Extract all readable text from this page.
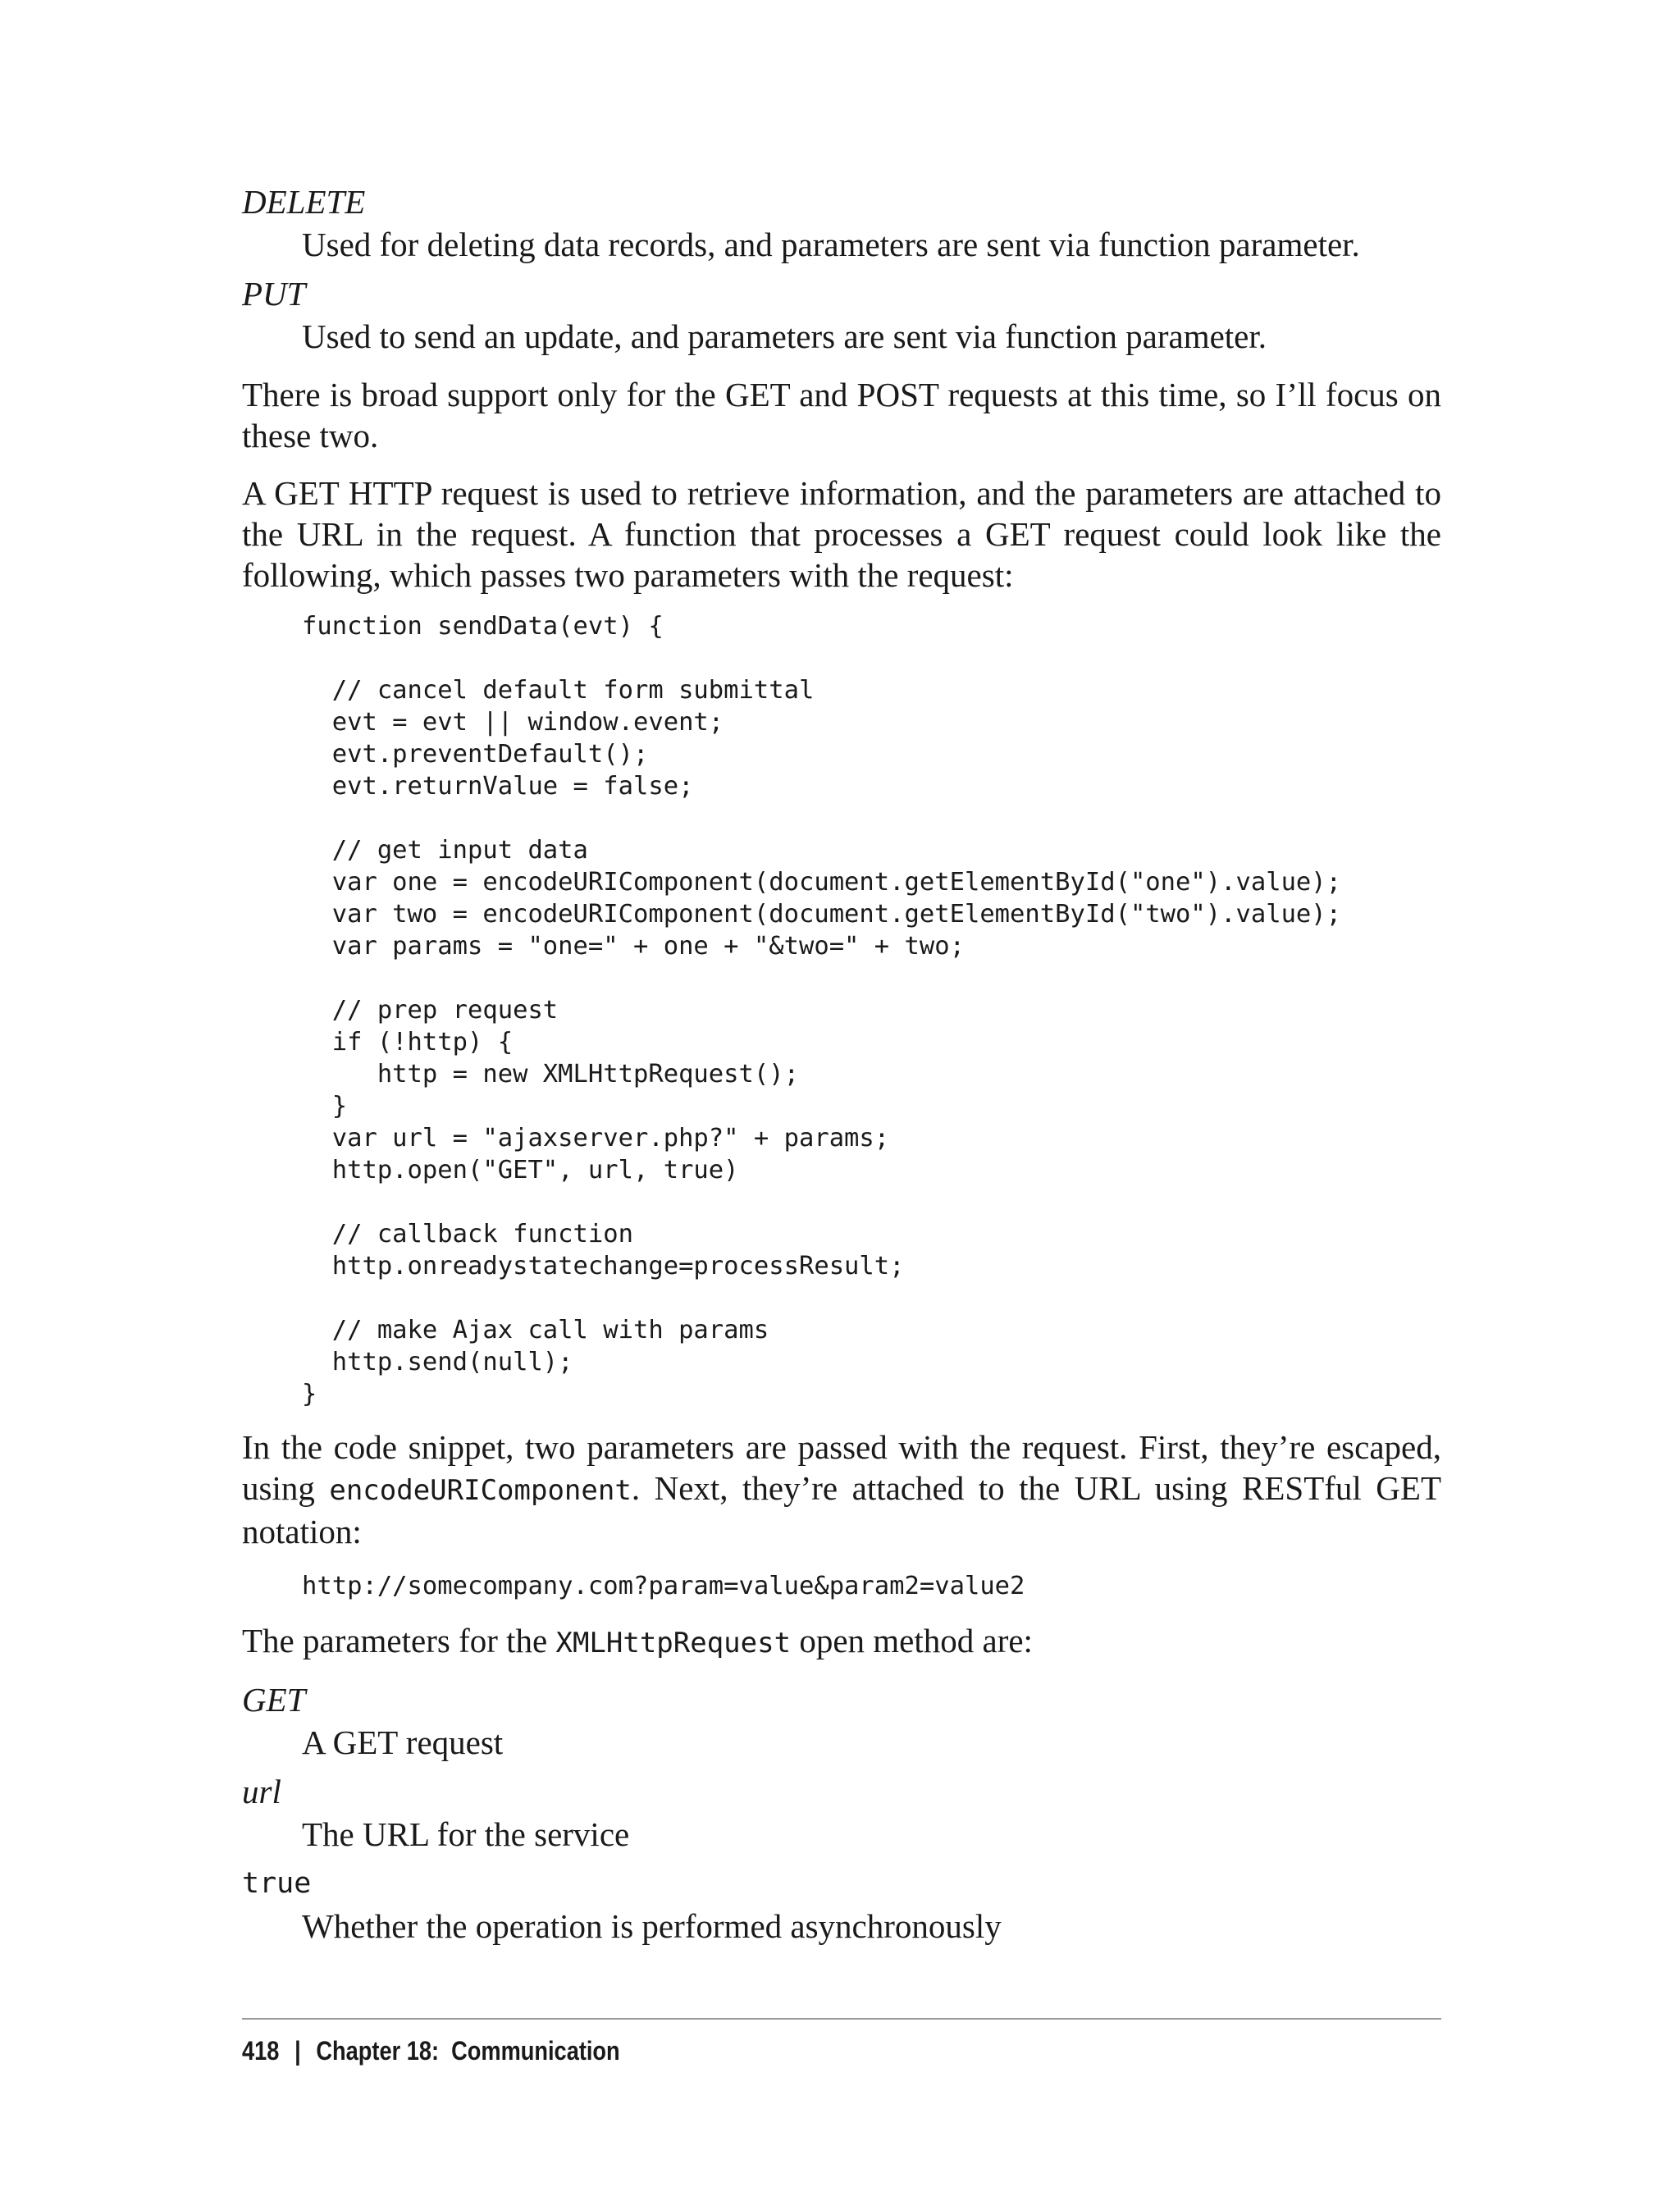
DELETE

Used for deleting data records, and parameters are sent via function parameter.

PUT

Used to send an update, and parameters are sent via function parameter.

There is broad support only for the GET and POST requests at this time, so I’ll focus on these two.

A GET HTTP request is used to retrieve information, and the parameters are attached to the URL in the request. A function that processes a GET request could look like the following, which passes two parameters with the request:

function sendData(evt) {

// cancel default form submittal
evt = evt || window.event;
evt.preventDefault();
evt.returnValue = false;

// get input data
var one = encodeURIComponent(document.getElementById("one").value);
var two = encodeURIComponent(document.getElementById("two").value);
var params = "one=" + one + "&two=" + two;

// prep request
if (!http) {
http = new XMLHttpRequest();
}
var url = "ajaxserver.php?" + params;
http.open("GET", url, true)

// callback function
http.onreadystatechange=processResult;

// make Ajax call with params
http.send(null);
}

In the code snippet, two parameters are passed with the request. First, they’re escaped, using encodeURIComponent. Next, they’re attached to the URL using RESTful GET notation:

http://somecompany.com?param=value&param2=value2

The parameters for the XMLHttpRequest open method are:

GET

A GET request

url

The URL for the service

true

Whether the operation is performed asynchronously

418 | Chapter 18:  Communication
